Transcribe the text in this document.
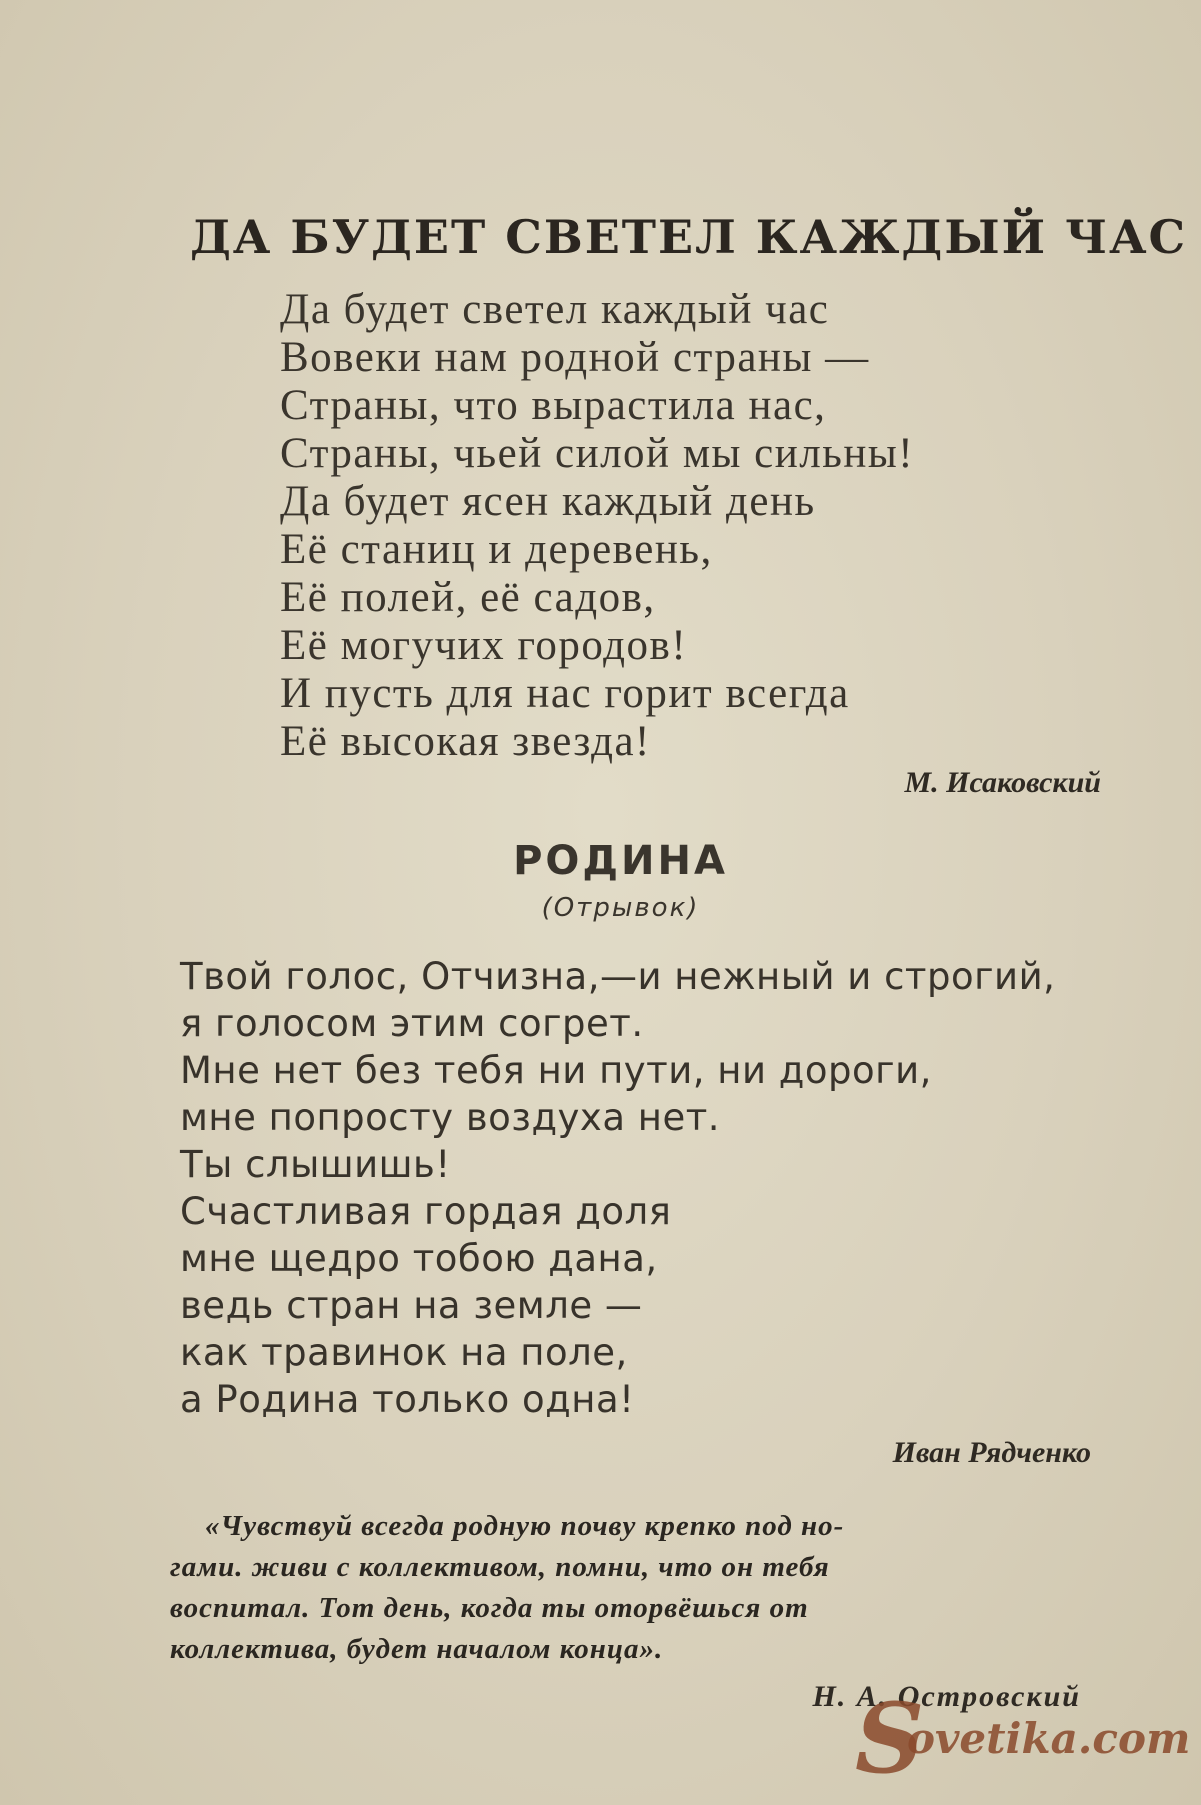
ДА БУДЕТ СВЕТЕЛ КАЖДЫЙ ЧАС
Да будет светел каждый час
Вовеки нам родной страны —
Страны, что вырастила нас,
Страны, чьей силой мы сильны!
Да будет ясен каждый день
Её станиц и деревень,
Её полей, её садов,
Её могучих городов!
И пусть для нас горит всегда
Её высокая звезда!
М. Исаковский
РОДИНА
(Отрывок)
Твой голос, Отчизна,—и нежный и строгий,
я голосом этим согрет.
Мне нет без тебя ни пути, ни дороги,
мне попросту воздуха нет.
Ты слышишь!
Счастливая гордая доля
мне щедро тобою дана,
ведь стран на земле —
как травинок на поле,
а Родина только одна!
Иван Рядченко
«Чувствуй всегда родную почву крепко под но-
гами. живи с коллективом, помни, что он тебя
воспитал. Тот день, когда ты оторвёшься от
коллектива, будет началом конца».
Н. А. Островский
S
ovetika.com
